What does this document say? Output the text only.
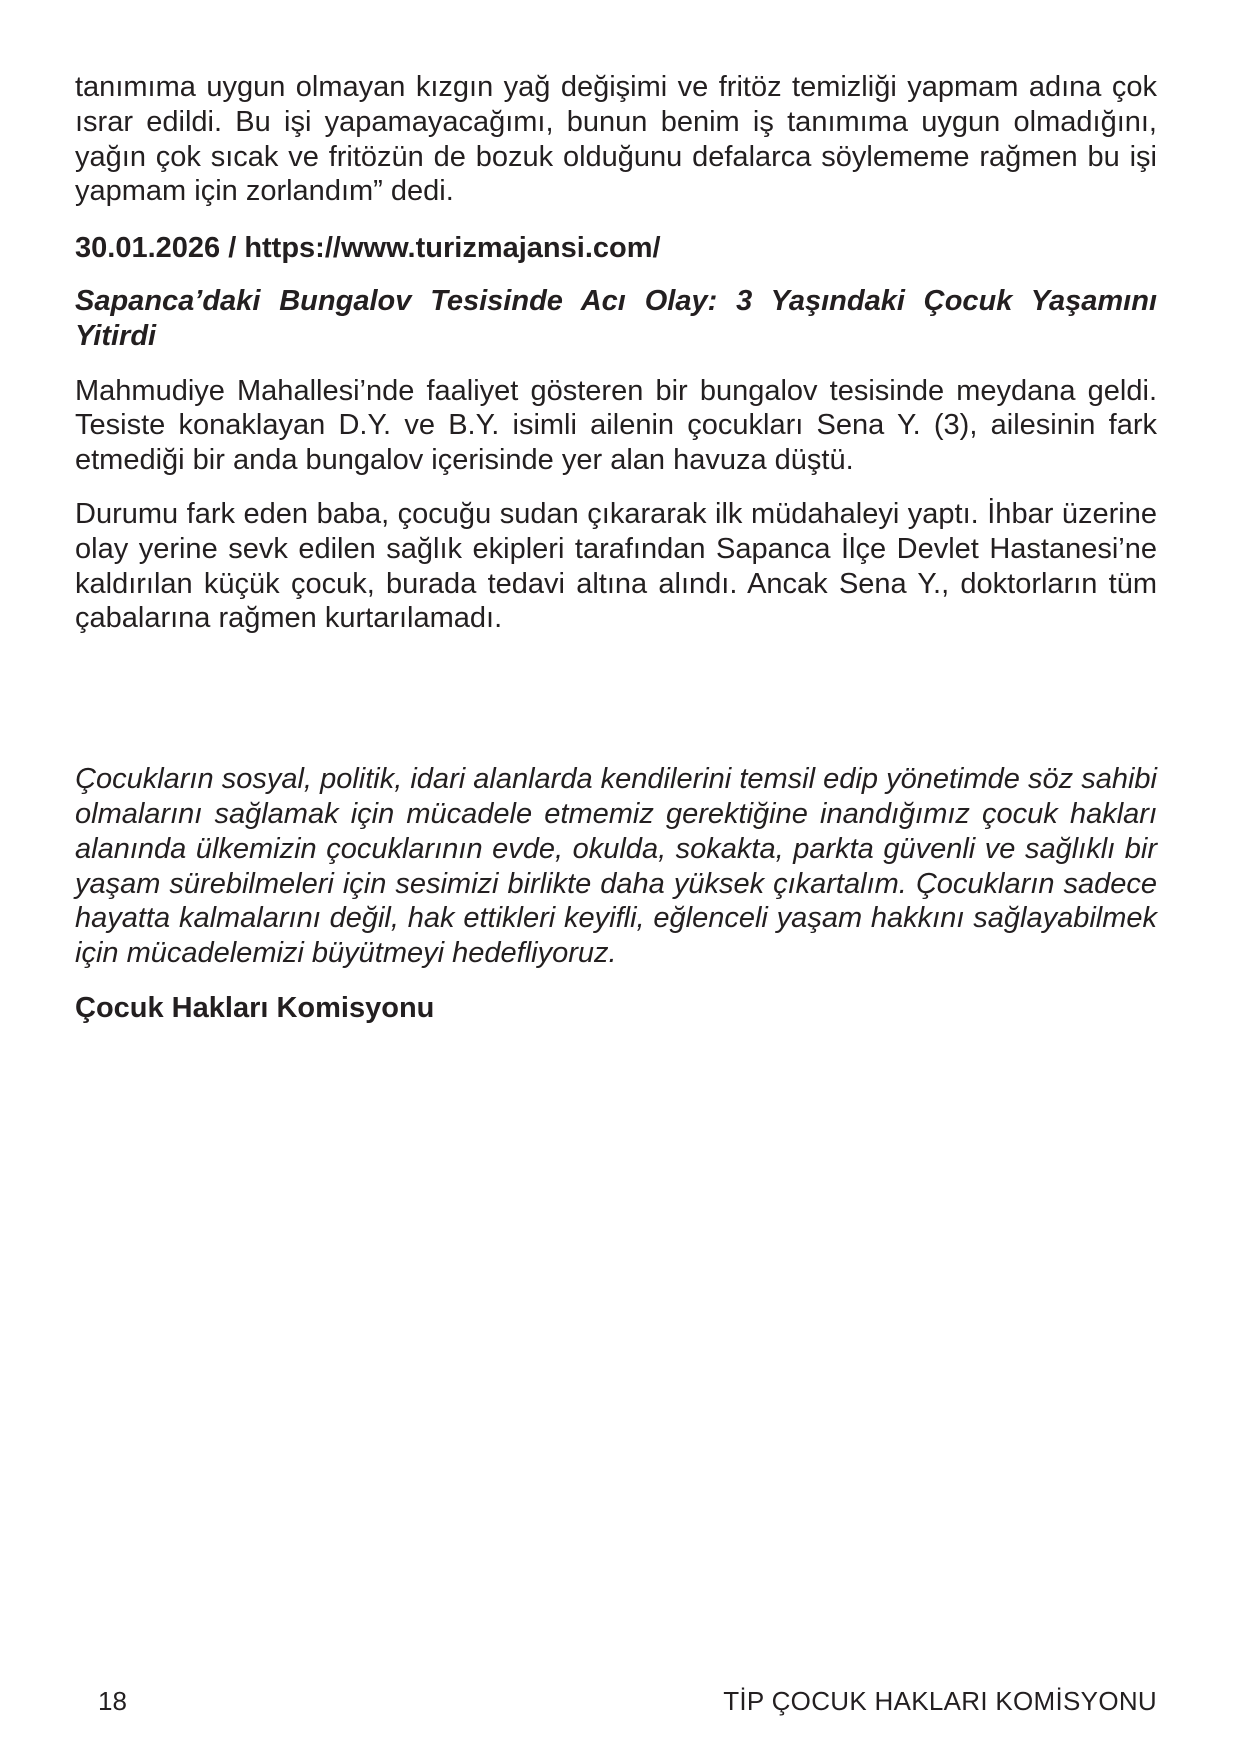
tanımıma uygun olmayan kızgın yağ değişimi ve fritöz temizliği yapmam adına çok ısrar edildi. Bu işi yapamayacağımı, bunun benim iş tanımıma uygun olmadığını, yağın çok sıcak ve fritözün de bozuk olduğunu defalarca söylememe rağmen bu işi yapmam için zorlandım” dedi.

30.01.2026 / https://www.turizmajansi.com/
Sapanca’daki Bungalov Tesisinde Acı Olay: 3 Yaşındaki Çocuk Yaşamını Yitirdi

Mahmudiye Mahallesi’nde faaliyet gösteren bir bungalov tesisinde meydana geldi. Tesiste konaklayan D.Y. ve B.Y. isimli ailenin çocukları Sena Y. (3), ailesinin fark etmediği bir anda bungalov içerisinde yer alan havuza düştü.

Durumu fark eden baba, çocuğu sudan çıkararak ilk müdahaleyi yaptı. İhbar üzerine olay yerine sevk edilen sağlık ekipleri tarafından Sapanca İlçe Devlet Hastanesi’ne kaldırılan küçük çocuk, burada tedavi altına alındı. Ancak Sena Y., doktorların tüm çabalarına rağmen kurtarılamadı.

Çocukların sosyal, politik, idari alanlarda kendilerini temsil edip yönetimde söz sahibi olmalarını sağlamak için mücadele etmemiz gerektiğine inandığımız çocuk hakları alanında ülkemizin çocuklarının evde, okulda, sokakta, parkta güvenli ve sağlıklı bir yaşam sürebilmeleri için sesimizi birlikte daha yüksek çıkartalım. Çocukların sadece hayatta kalmalarını değil, hak ettikleri keyifli, eğlenceli yaşam hakkını sağlayabilmek için mücadelemizi büyütmeyi hedefliyoruz.

Çocuk Hakları Komisyonu
18	TİP ÇOCUK HAKLARI KOMİSYONU
